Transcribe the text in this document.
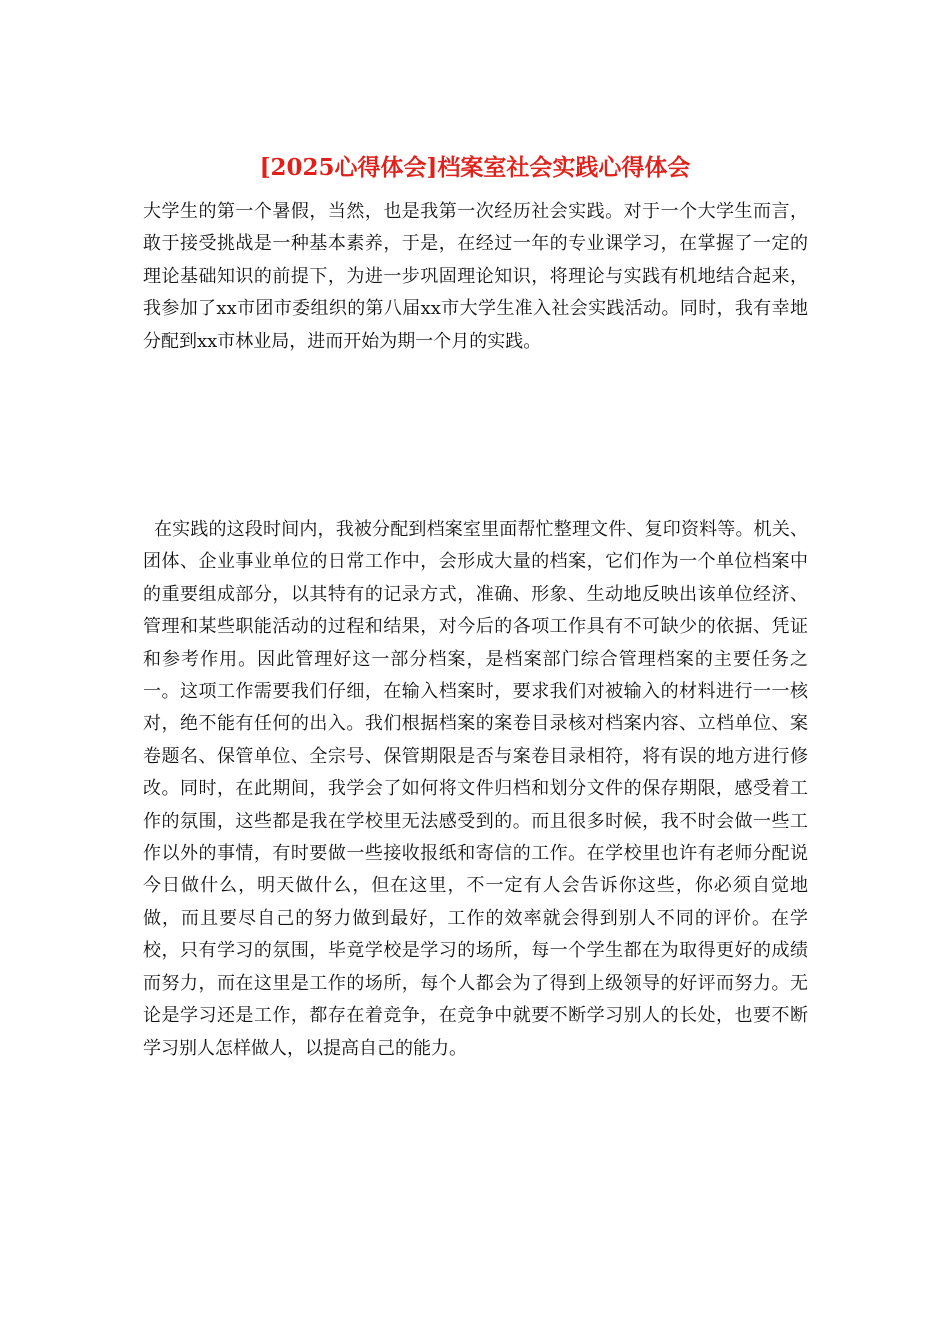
[2025心得体会]档案室社会实践心得体会

大学生的第一个暑假，当然，也是我第一次经历社会实践。对于一个大学生而言，敢于接受挑战是一种基本素养，于是，在经过一年的专业课学习，在掌握了一定的理论基础知识的前提下，为进一步巩固理论知识，将理论与实践有机地结合起来，我参加了xx市团市委组织的第八届xx市大学生准入社会实践活动。同时，我有幸地分配到xx市林业局，进而开始为期一个月的实践。

在实践的这段时间内，我被分配到档案室里面帮忙整理文件、复印资料等。机关、团体、企业事业单位的日常工作中，会形成大量的档案，它们作为一个单位档案中的重要组成部分，以其特有的记录方式，准确、形象、生动地反映出该单位经济、管理和某些职能活动的过程和结果，对今后的各项工作具有不可缺少的依据、凭证和参考作用。因此管理好这一部分档案，是档案部门综合管理档案的主要任务之一。这项工作需要我们仔细，在输入档案时，要求我们对被输入的材料进行一一核对，绝不能有任何的出入。我们根据档案的案卷目录核对档案内容、立档单位、案卷题名、保管单位、全宗号、保管期限是否与案卷目录相符，将有误的地方进行修改。同时，在此期间，我学会了如何将文件归档和划分文件的保存期限，感受着工作的氛围，这些都是我在学校里无法感受到的。而且很多时候，我不时会做一些工作以外的事情，有时要做一些接收报纸和寄信的工作。在学校里也许有老师分配说今日做什么，明天做什么，但在这里，不一定有人会告诉你这些，你必须自觉地做，而且要尽自己的努力做到最好，工作的效率就会得到别人不同的评价。在学校，只有学习的氛围，毕竟学校是学习的场所，每一个学生都在为取得更好的成绩而努力，而在这里是工作的场所，每个人都会为了得到上级领导的好评而努力。无论是学习还是工作，都存在着竞争，在竞争中就要不断学习别人的长处，也要不断学习别人怎样做人，以提高自己的能力。
